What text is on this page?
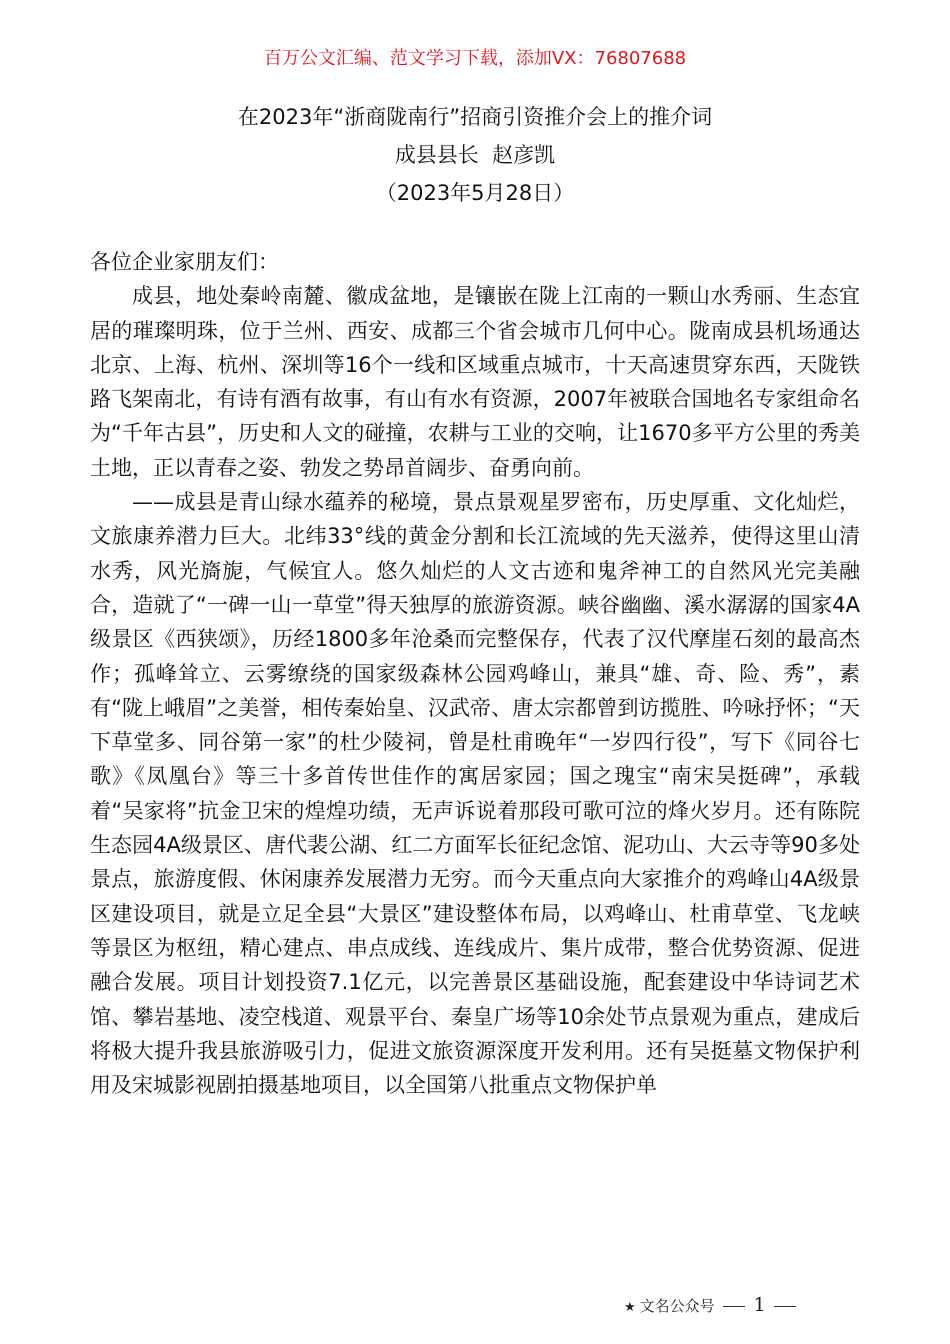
百万公文汇编、范文学习下载，添加VX：76807688
在2023年“浙商陇南行”招商引资推介会上的推介词
成县县长  赵彦凯
（2023年5月28日）

各位企业家朋友们：

成县，地处秦岭南麓、徽成盆地，是镶嵌在陇上江南的一颗山水秀丽、生态宜居的璀璨明珠，位于兰州、西安、成都三个省会城市几何中心。陇南成县机场通达北京、上海、杭州、深圳等16个一线和区域重点城市，十天高速贯穿东西，天陇铁路飞架南北，有诗有酒有故事，有山有水有资源，2007年被联合国地名专家组命名为“千年古县”，历史和人文的碰撞，农耕与工业的交响，让1670多平方公里的秀美土地，正以青春之姿、勃发之势昂首阔步、奋勇向前。

——成县是青山绿水蕴养的秘境，景点景观星罗密布，历史厚重、文化灿烂，文旅康养潜力巨大。北纬33°线的黄金分割和长江流域的先天滋养，使得这里山清水秀，风光旖旎，气候宜人。悠久灿烂的人文古迹和鬼斧神工的自然风光完美融合，造就了“一碑一山一草堂”得天独厚的旅游资源。峡谷幽幽、溪水潺潺的国家4A级景区《西狭颂》，历经1800多年沧桑而完整保存，代表了汉代摩崖石刻的最高杰作；孤峰耸立、云雾缭绕的国家级森林公园鸡峰山，兼具“雄、奇、险、秀”，素有“陇上峨眉”之美誉，相传秦始皇、汉武帝、唐太宗都曾到访揽胜、吟咏抒怀；“天下草堂多、同谷第一家”的杜少陵祠，曾是杜甫晚年“一岁四行役”，写下《同谷七歌》《凤凰台》等三十多首传世佳作的寓居家园；国之瑰宝“南宋吴挺碑”，承载着“吴家将”抗金卫宋的煌煌功绩，无声诉说着那段可歌可泣的烽火岁月。还有陈院生态园4A级景区、唐代裴公湖、红二方面军长征纪念馆、泥功山、大云寺等90多处景点，旅游度假、休闲康养发展潜力无穷。而今天重点向大家推介的鸡峰山4A级景区建设项目，就是立足全县“大景区”建设整体布局，以鸡峰山、杜甫草堂、飞龙峡等景区为枢纽，精心建点、串点成线、连线成片、集片成带，整合优势资源、促进融合发展。项目计划投资7.1亿元，以完善景区基础设施，配套建设中华诗词艺术馆、攀岩基地、凌空栈道、观景平台、秦皇广场等10余处节点景观为重点，建成后将极大提升我县旅游吸引力，促进文旅资源深度开发利用。还有吴挺墓文物保护利用及宋城影视剧拍摄基地项目，以全国第八批重点文物保护单

★ 文名公众号 1
